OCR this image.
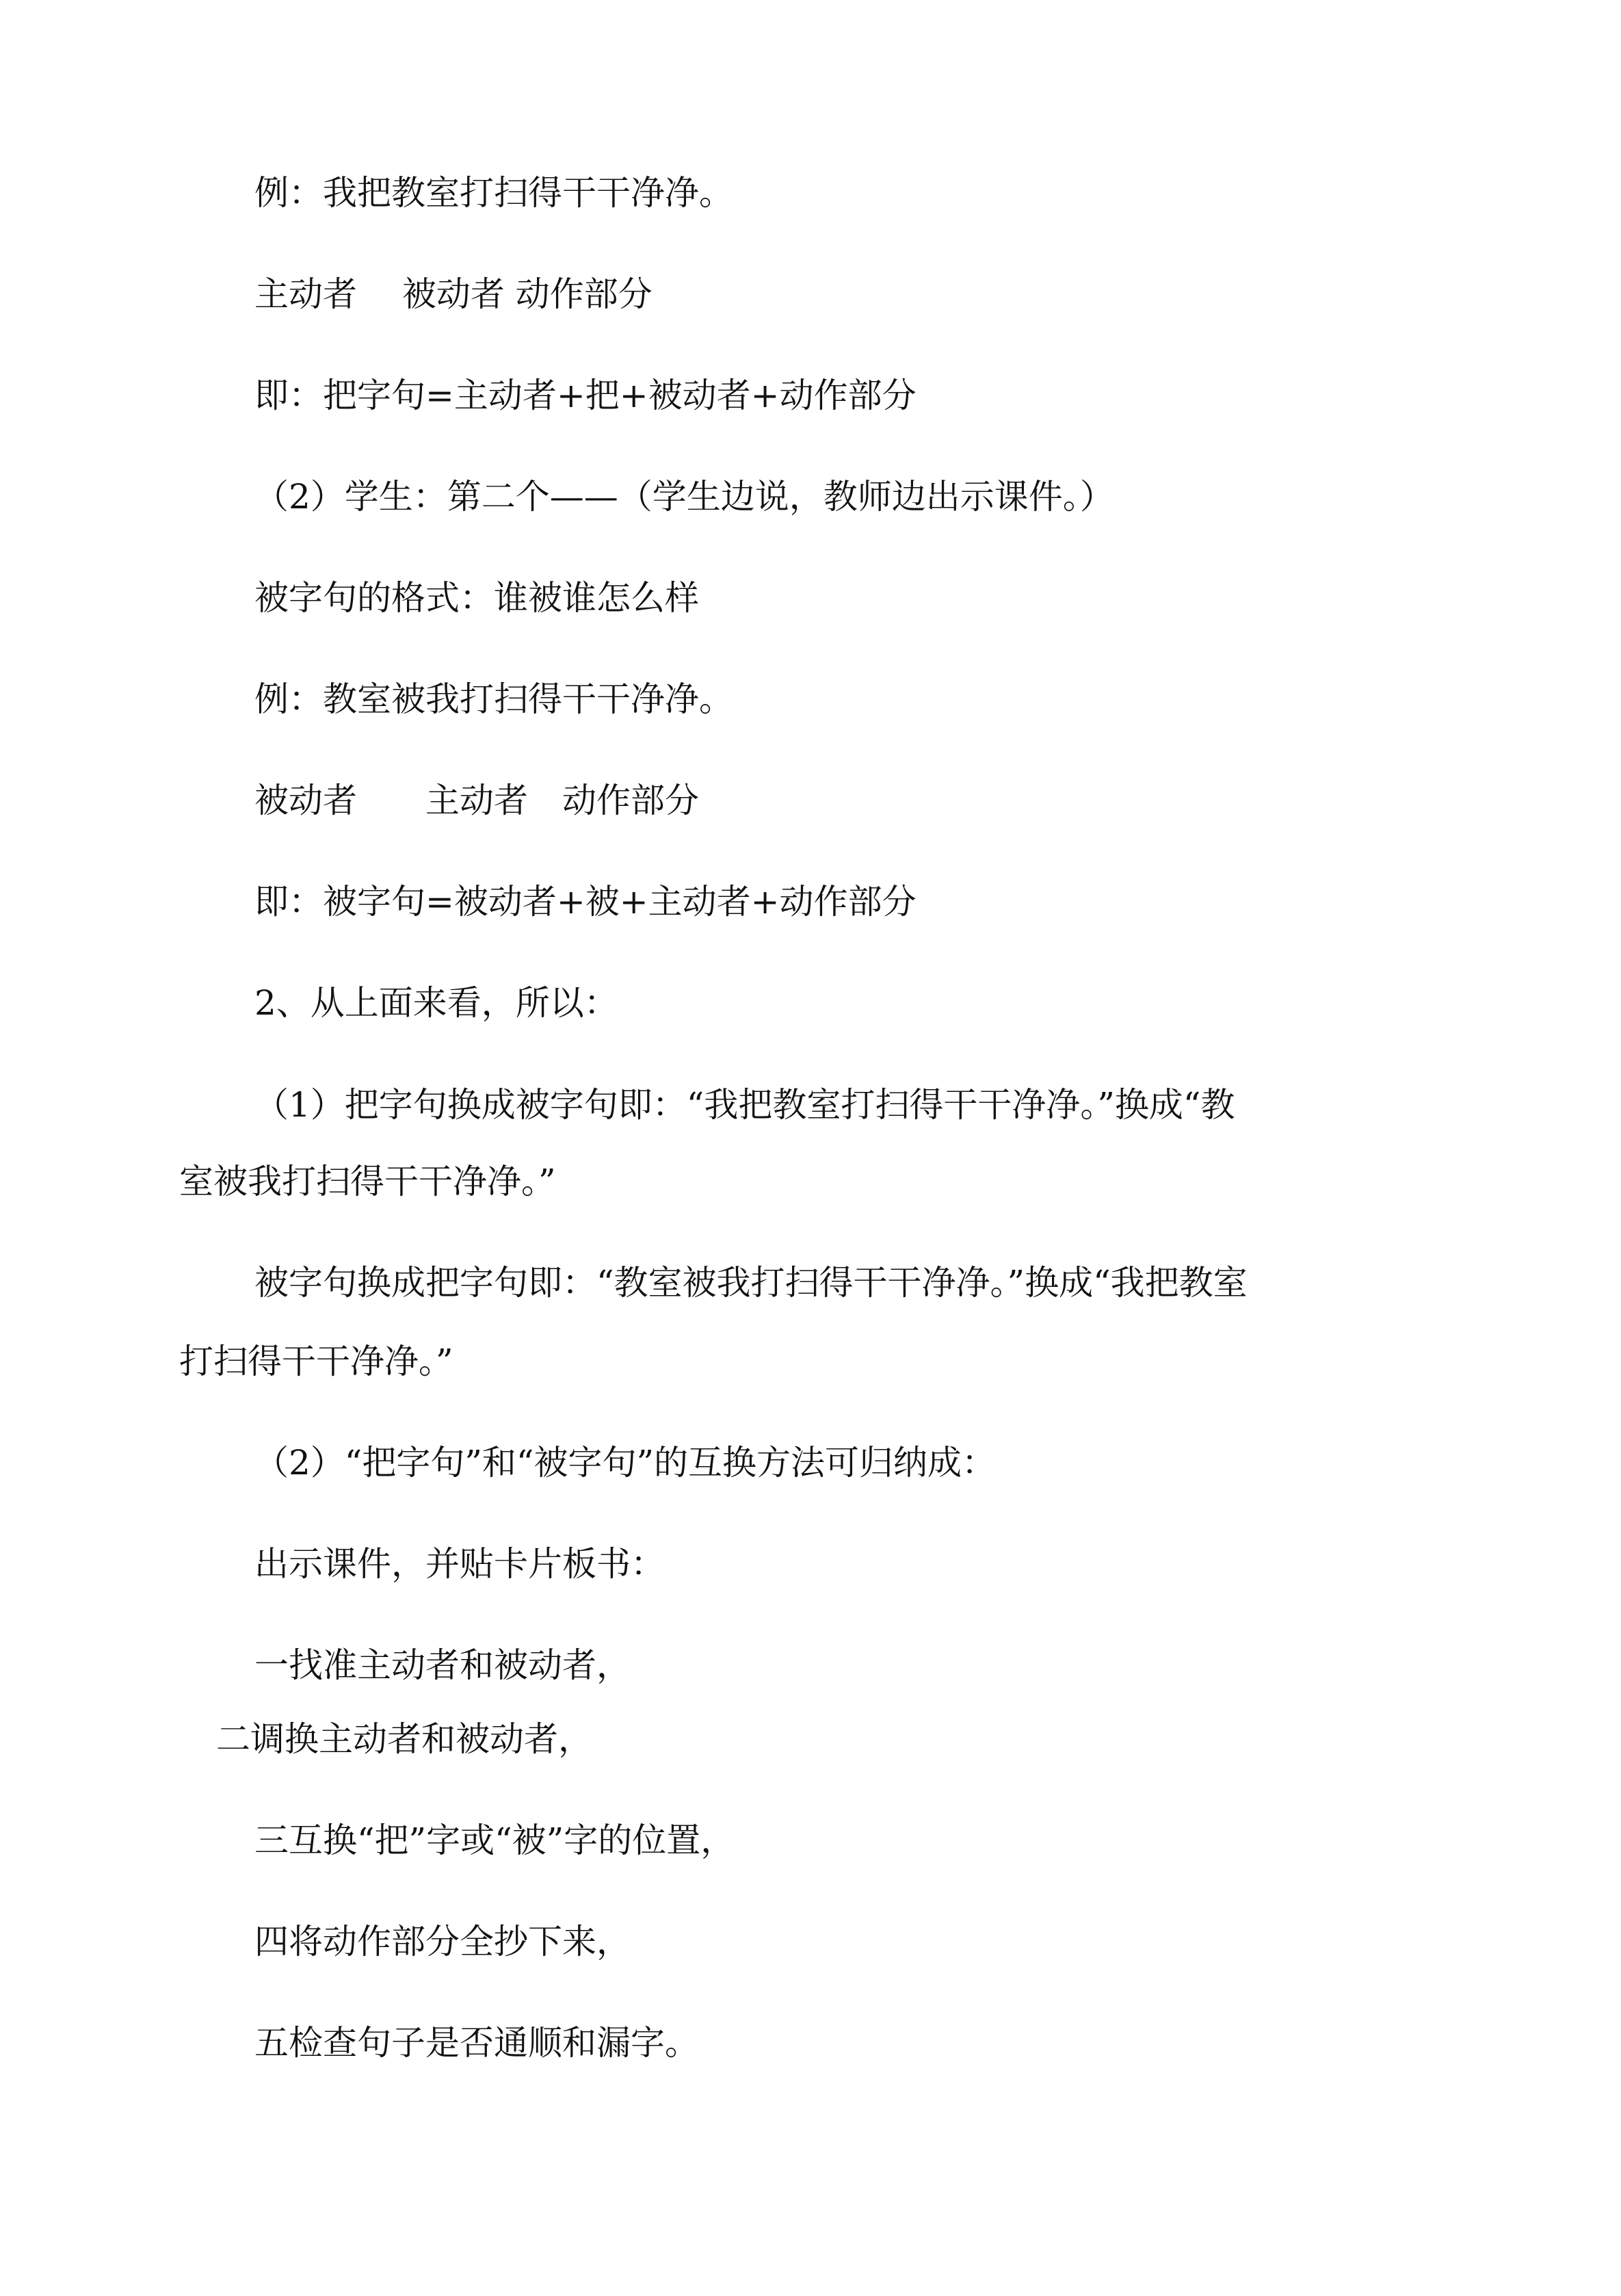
例：我把教室打扫得干干净净。
主动者　 被动者 动作部分
即：把字句=主动者+把+被动者+动作部分
（2）学生：第二个——（学生边说，教师边出示课件。）
被字句的格式：谁被谁怎么样
例：教室被我打扫得干干净净。
被动者　　主动者　动作部分
即：被字句=被动者+被+主动者+动作部分
2、从上面来看，所以：
（1）把字句换成被字句即：“我把教室打扫得干干净净。”换成“教
室被我打扫得干干净净。”
被字句换成把字句即：“教室被我打扫得干干净净。”换成“我把教室
打扫得干干净净。”
（2）“把字句”和“被字句”的互换方法可归纳成：
出示课件，并贴卡片板书：
一找准主动者和被动者，
二调换主动者和被动者，
三互换“把”字或“被”字的位置，
四将动作部分全抄下来，
五检查句子是否通顺和漏字。
